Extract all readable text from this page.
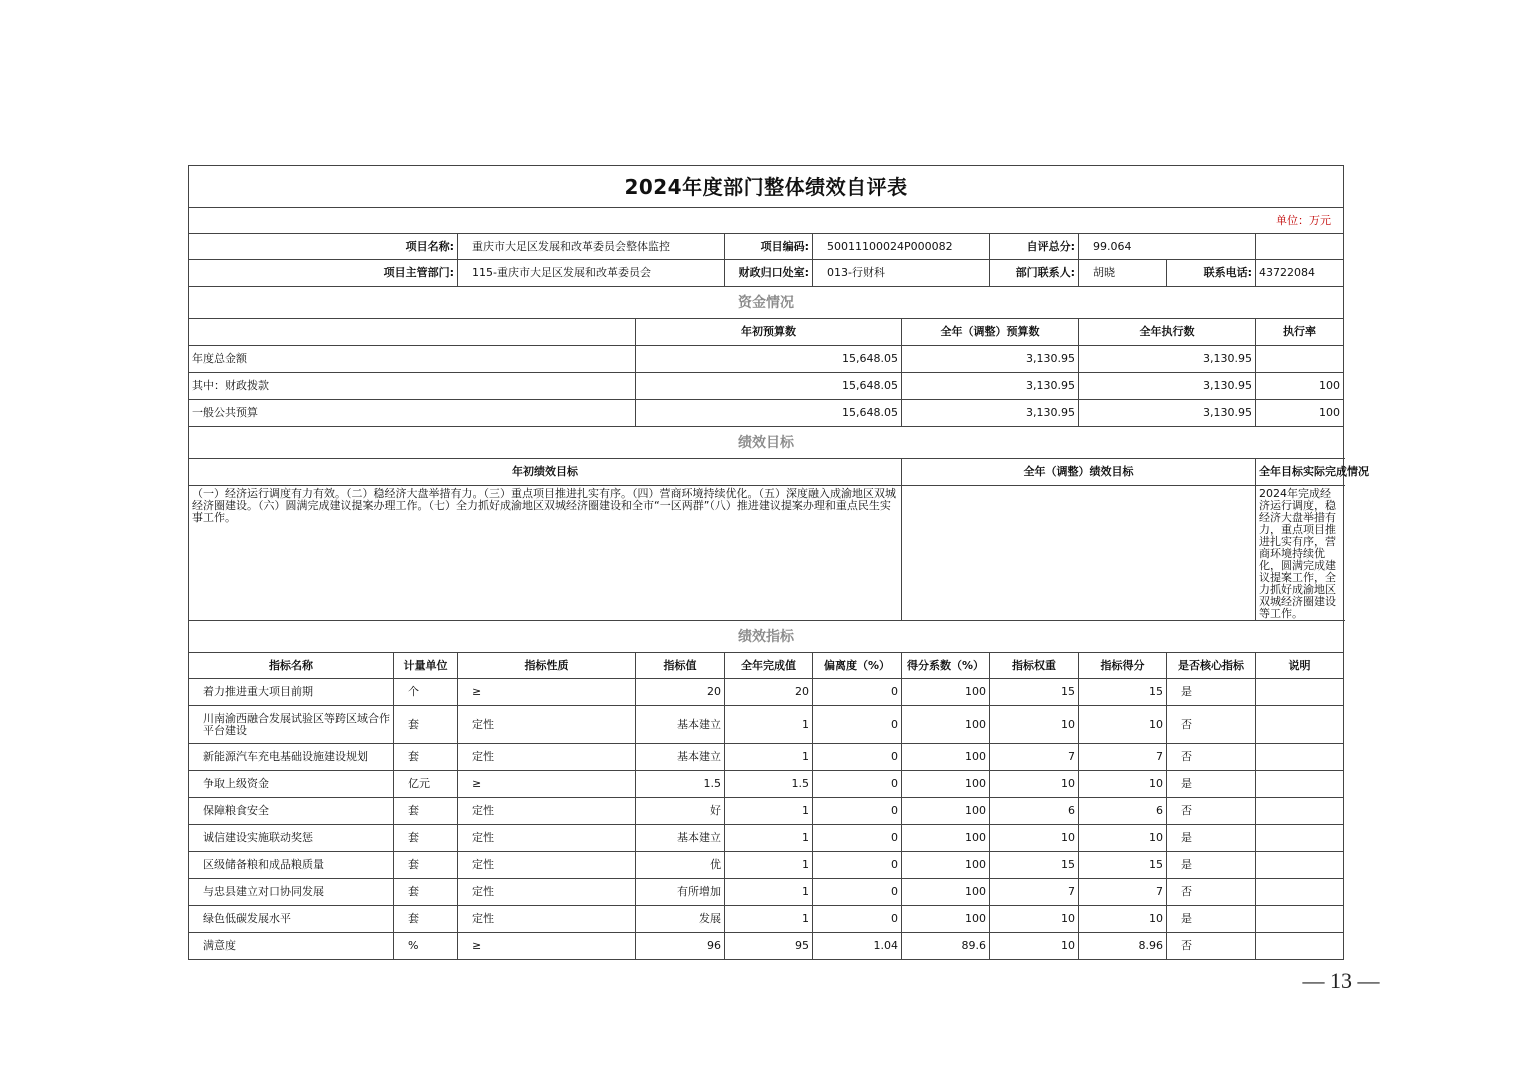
2024年度部门整体绩效自评表											
单位：万元											
项目名称:		重庆市大足区发展和改革委员会整体监控		项目编码:	50011100024P000082		自评总分:	99.064			
项目主管部门:		115-重庆市大足区发展和改革委员会		财政归口处室:	013-行财科		部门联系人:	胡晓	联系电话:	43722084	
资金情况											
			年初预算数			全年（调整）预算数		全年执行数		执行率		
年度总金额			15,648.05			3,130.95		3,130.95			
其中：财政拨款			15,648.05			3,130.95		3,130.95		100		
一般公共预算			15,648.05			3,130.95		3,130.95		100		
绩效目标											
年初绩效目标						全年（调整）绩效目标				全年目标实际完成情况	
（一）经济运行调度有力有效。（二）稳经济大盘举措有力。（三）重点项目推进扎实有序。（四）营商环境持续优化。（五）深度融入成渝地区双城经济圈建设。（六）圆满完成建议提案办理工作。（七）全力抓好成渝地区双城经济圈建设和全市“一区两群”（八）推进建议提案办理和重点民生实事工作。										2024年完成经济运行调度，稳经济大盘举措有力，重点项目推进扎实有序，营商环境持续优化，圆满完成建议提案工作，全力抓好成渝地区双城经济圈建设等工作。	
绩效指标											
指标名称	计量单位	指标性质	指标值	全年完成值	偏离度（%）	得分系数（%）	指标权重	指标得分	是否核心指标	说明	
着力推进重大项目前期	个	≥	20	20	0	100	15	15	是		
川南渝西融合发展试验区等跨区域合作平台建设	套	定性	基本建立	1	0	100	10	10	否		
新能源汽车充电基础设施建设规划	套	定性	基本建立	1	0	100	7	7	否		
争取上级资金	亿元	≥	1.5	1.5	0	100	10	10	是		
保障粮食安全	套	定性	好	1	0	100	6	6	否		
诚信建设实施联动奖惩	套	定性	基本建立	1	0	100	10	10	是		
区级储备粮和成品粮质量	套	定性	优	1	0	100	15	15	是		
与忠县建立对口协同发展	套	定性	有所增加	1	0	100	7	7	否		
绿色低碳发展水平	套	定性	发展	1	0	100	10	10	是		
满意度	%	≥	96	95	1.04	89.6	10	8.96	否		
— 13 —
